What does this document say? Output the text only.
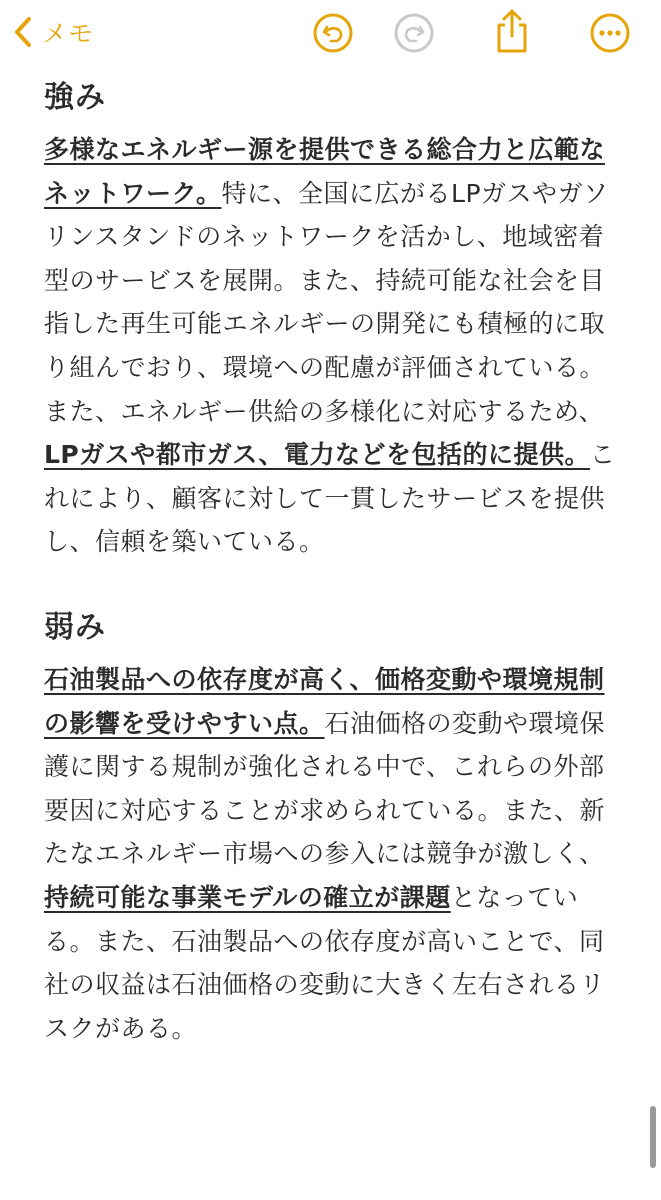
メモ
強み

多様なエネルギー源を提供できる総合力と広範なネットワーク。特に、全国に広がるLPガスやガソリンスタンドのネットワークを活かし、地域密着型のサービスを展開。また、持続可能な社会を目指した再生可能エネルギーの開発にも積極的に取り組んでおり、環境への配慮が評価されている。また、エネルギー供給の多様化に対応するため、LPガスや都市ガス、電力などを包括的に提供。これにより、顧客に対して一貫したサービスを提供し、信頼を築いている。

弱み

石油製品への依存度が高く、価格変動や環境規制の影響を受けやすい点。石油価格の変動や環境保護に関する規制が強化される中で、これらの外部要因に対応することが求められている。また、新たなエネルギー市場への参入には競争が激しく、持続可能な事業モデルの確立が課題となっている。また、石油製品への依存度が高いことで、同社の収益は石油価格の変動に大きく左右されるリスクがある。
